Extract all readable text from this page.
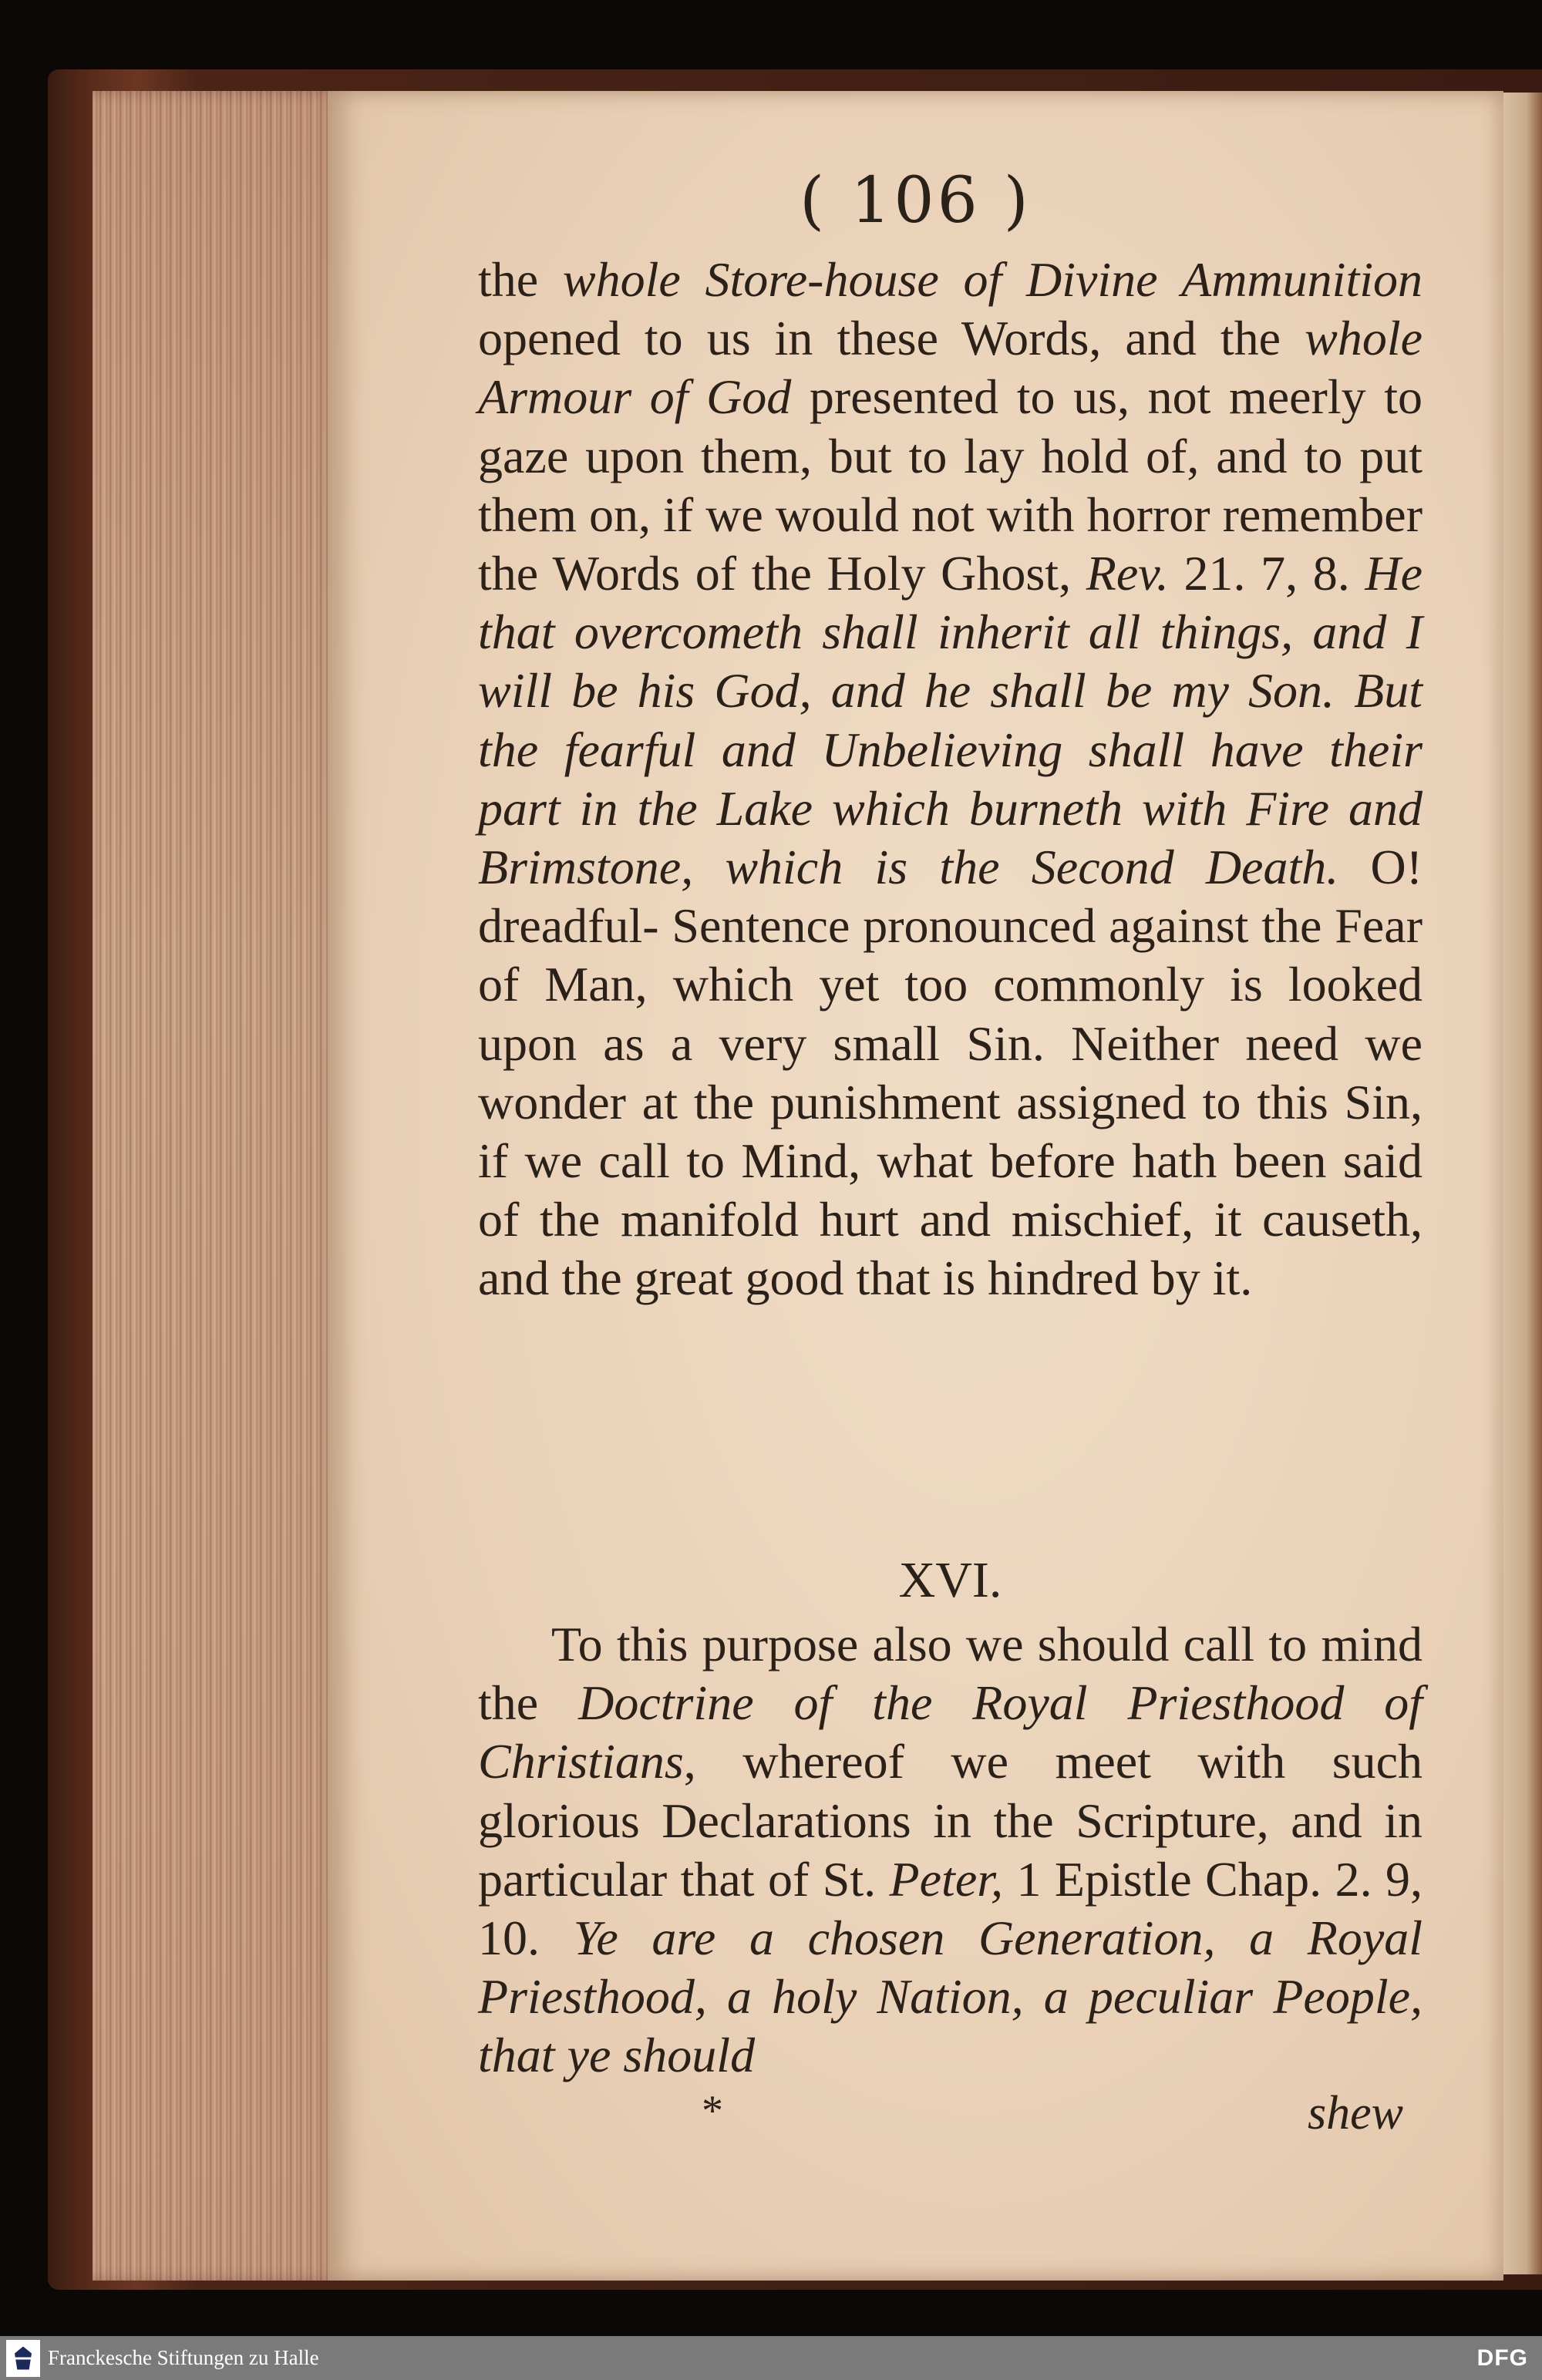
( 106 )
the whole Store-house of Divine Ammunition opened to us in these Words, and the whole Armour of God presented to us, not meerly to gaze upon them, but to lay hold of, and to put them on, if we would not with horror remember the Words of the Holy Ghost, Rev. 21. 7, 8. He that overcometh shall inherit all things, and I will be his God, and he shall be my Son. But the fearful and Unbelieving shall have their part in the Lake which burneth with Fire and Brimstone, which is the Second Death. O! dreadful- Sentence pronounced against the Fear of Man, which yet too commonly is looked upon as a very small Sin. Neither need we wonder at the punishment assigned to this Sin, if we call to Mind, what before hath been said of the manifold hurt and mischief, it causeth, and the great good that is hindred by it.
XVI.
To this purpose also we should call to mind the Doctrine of the Royal Priesthood of Christians, whereof we meet with such glorious Declarations in the Scripture, and in particular that of St. Peter, 1 Epistle Chap. 2. 9, 10. Ye are a chosen Generation, a Royal Priesthood, a holy Nation, a peculiar People, that ye should
*	shew
Franckesche Stiftungen zu Halle	DFG
